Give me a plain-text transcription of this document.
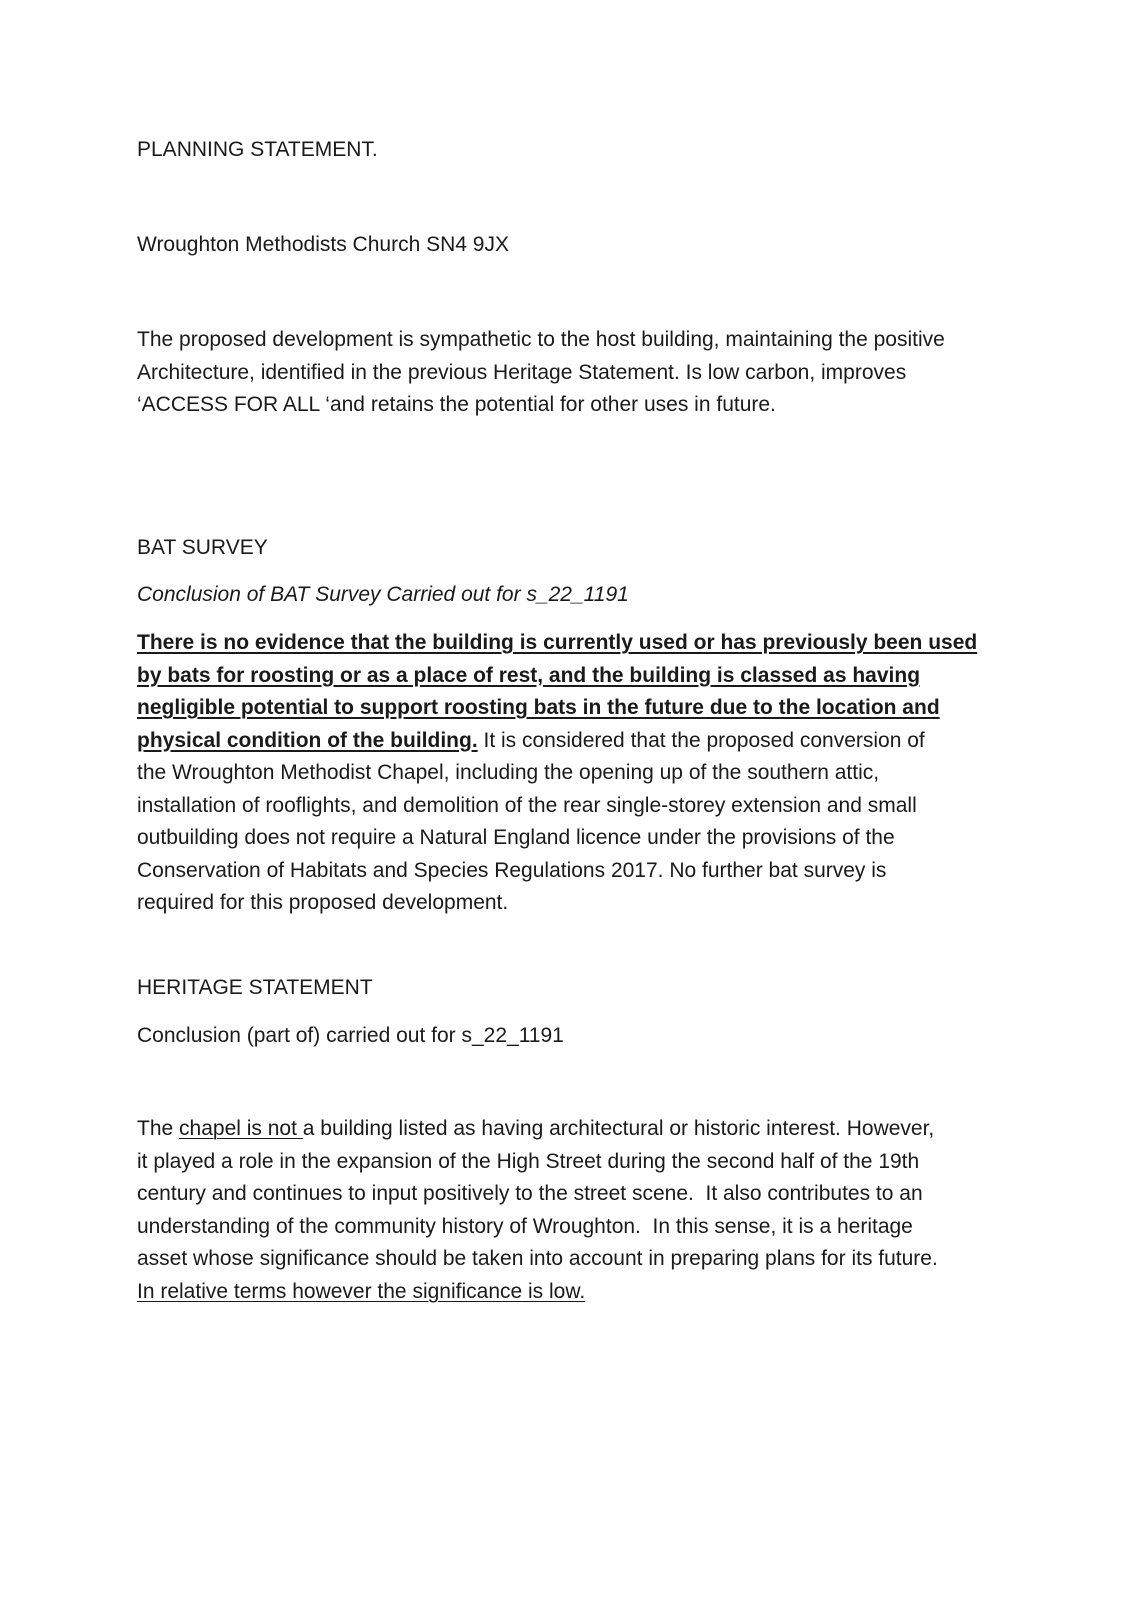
PLANNING STATEMENT.

Wroughton Methodists Church SN4 9JX

The proposed development is sympathetic to the host building, maintaining the positive
Architecture, identified in the previous Heritage Statement. Is low carbon, improves
‘ACCESS FOR ALL ‘and retains the potential for other uses in future.

BAT SURVEY

Conclusion of BAT Survey Carried out for s_22_1191

There is no evidence that the building is currently used or has previously been used
by bats for roosting or as a place of rest, and the building is classed as having
negligible potential to support roosting bats in the future due to the location and
physical condition of the building. It is considered that the proposed conversion of
the Wroughton Methodist Chapel, including the opening up of the southern attic,
installation of rooflights, and demolition of the rear single-storey extension and small
outbuilding does not require a Natural England licence under the provisions of the
Conservation of Habitats and Species Regulations 2017. No further bat survey is
required for this proposed development.

HERITAGE STATEMENT

Conclusion (part of) carried out for s_22_1191

The chapel is not a building listed as having architectural or historic interest. However,
it played a role in the expansion of the High Street during the second half of the 19th
century and continues to input positively to the street scene.  It also contributes to an
understanding of the community history of Wroughton.  In this sense, it is a heritage
asset whose significance should be taken into account in preparing plans for its future.
In relative terms however the significance is low.
